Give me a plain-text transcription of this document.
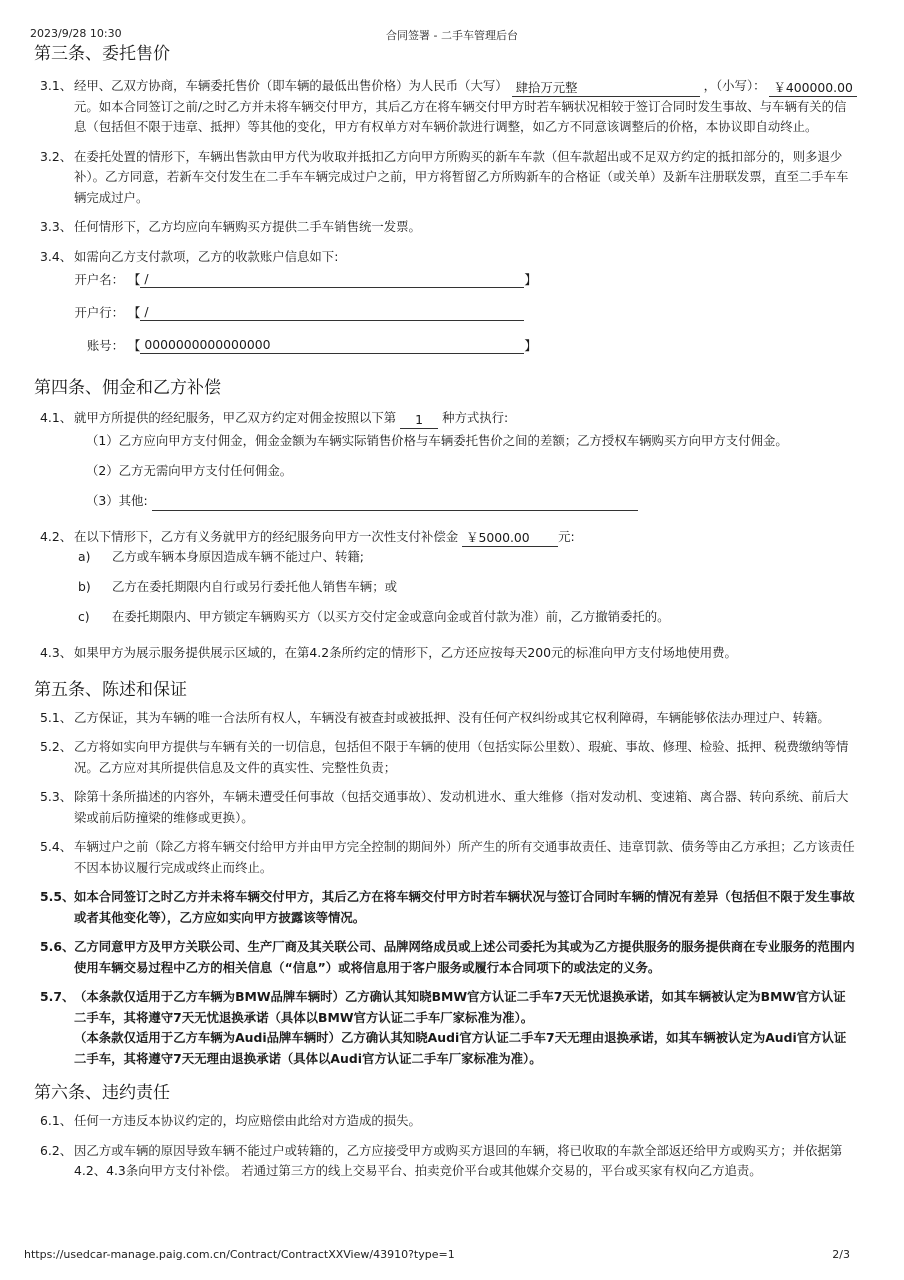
2023/9/28 10:30	合同签署 - 二手车管理后台
第三条、委托售价
3.1、 经甲、乙双方协商，车辆委托售价（即车辆的最低出售价格）为人民币（大写） 肆拾万元整	，（小写）： ￥400000.00元。如本合同签订之前/之时乙方并未将车辆交付甲方，其后乙方在将车辆交付甲方时若车辆状况相较于签订合同时发生事故、与车辆有关的信息（包括但不限于违章、抵押）等其他的变化，甲方有权单方对车辆价款进行调整，如乙方不同意该调整后的价格，本协议即自动终止。
3.2、 在委托处置的情形下，车辆出售款由甲方代为收取并抵扣乙方向甲方所购买的新车车款（但车款超出或不足双方约定的抵扣部分的，则多退少补）。乙方同意，若新车交付发生在二手车车辆完成过户之前，甲方将暂留乙方所购新车的合格证（或关单）及新车注册联发票，直至二手车车辆完成过户。
3.3、 任何情形下，乙方均应向车辆购买方提供二手车销售统一发票。
3.4、 如需向乙方支付款项，乙方的收款账户信息如下:
开户名： 【 /	】
开户行： 【 /
账号： 【 0000000000000000	】
第四条、佣金和乙方补偿
4.1、 就甲方所提供的经纪服务，甲乙双方约定对佣金按照以下第 1 种方式执行:
（1）乙方应向甲方支付佣金，佣金金额为车辆实际销售价格与车辆委托售价之间的差额；乙方授权车辆购买方向甲方支付佣金。
（2）乙方无需向甲方支付任何佣金。
（3）其他:
4.2、 在以下情形下，乙方有义务就甲方的经纪服务向甲方一次性支付补偿金 ￥5000.00 元:
a) 乙方或车辆本身原因造成车辆不能过户、转籍;
b) 乙方在委托期限内自行或另行委托他人销售车辆；或
c) 在委托期限内、甲方锁定车辆购买方（以买方交付定金或意向金或首付款为准）前，乙方撤销委托的。
4.3、 如果甲方为展示服务提供展示区域的，在第4.2条所约定的情形下，乙方还应按每天200元的标准向甲方支付场地使用费。
第五条、陈述和保证
5.1、 乙方保证，其为车辆的唯一合法所有权人，车辆没有被查封或被抵押、没有任何产权纠纷或其它权利障碍，车辆能够依法办理过户、转籍。
5.2、 乙方将如实向甲方提供与车辆有关的一切信息，包括但不限于车辆的使用（包括实际公里数）、瑕疵、事故、修理、检验、抵押、税费缴纳等情况。乙方应对其所提供信息及文件的真实性、完整性负责；
5.3、 除第十条所描述的内容外，车辆未遭受任何事故（包括交通事故）、发动机进水、重大维修（指对发动机、变速箱、离合器、转向系统、前后大梁或前后防撞梁的维修或更换）。
5.4、 车辆过户之前（除乙方将车辆交付给甲方并由甲方完全控制的期间外）所产生的所有交通事故责任、违章罚款、债务等由乙方承担；乙方该责任不因本协议履行完成或终止而终止。
5.5、 如本合同签订之时乙方并未将车辆交付甲方，其后乙方在将车辆交付甲方时若车辆状况与签订合同时车辆的情况有差异（包括但不限于发生事故或者其他变化等），乙方应如实向甲方披露该等情况。
5.6、 乙方同意甲方及甲方关联公司、生产厂商及其关联公司、品牌网络成员或上述公司委托为其或为乙方提供服务的服务提供商在专业服务的范围内使用车辆交易过程中乙方的相关信息（“信息”）或将信息用于客户服务或履行本合同项下的或法定的义务。
5.7、 （本条款仅适用于乙方车辆为BMW品牌车辆时）乙方确认其知晓BMW官方认证二手车7天无忧退换承诺，如其车辆被认定为BMW官方认证二手车，其将遵守7天无忧退换承诺（具体以BMW官方认证二手车厂家标准为准）。
（本条款仅适用于乙方车辆为Audi品牌车辆时）乙方确认其知晓Audi官方认证二手车7天无理由退换承诺，如其车辆被认定为Audi官方认证二手车，其将遵守7天无理由退换承诺（具体以Audi官方认证二手车厂家标准为准）。
第六条、违约责任
6.1、 任何一方违反本协议约定的，均应赔偿由此给对方造成的损失。
6.2、 因乙方或车辆的原因导致车辆不能过户或转籍的，乙方应接受甲方或购买方退回的车辆，将已收取的车款全部返还给甲方或购买方；并依据第4.2、4.3条向甲方支付补偿。 若通过第三方的线上交易平台、拍卖竞价平台或其他媒介交易的，平台或买家有权向乙方追责。
https://usedcar-manage.paig.com.cn/Contract/ContractXXView/43910?type=1	2/3
